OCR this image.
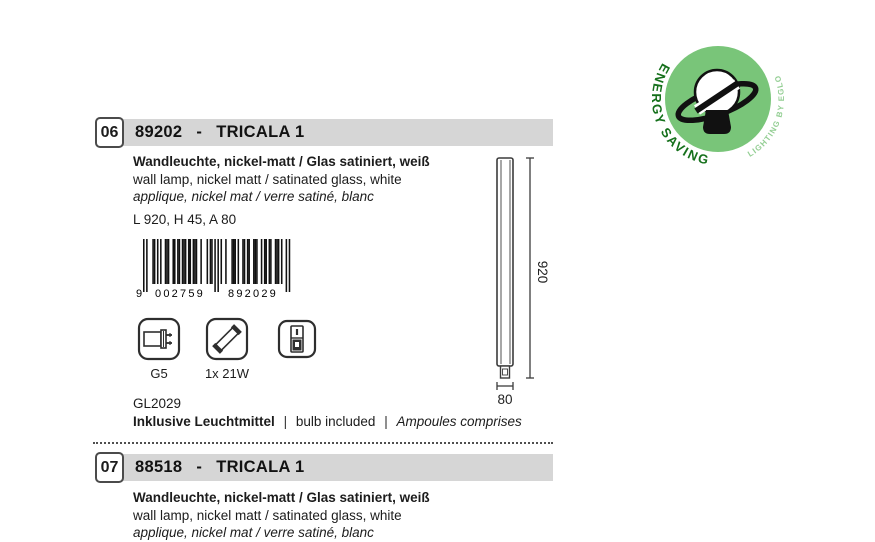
ENERGY SAVING	LIGHTING BY EGLO
06 89202 - TRICALA 1
Wandleuchte, nickel-matt / Glas satiniert, weiß
wall lamp, nickel matt / satinated glass, white
applique, nickel mat / verre satiné, blanc
L 920, H 45, A 80
9 002759 892029
G5	1x 21W
GL2029
Inklusive Leuchtmittel | bulb included | Ampoules comprises
920
80
07 88518 - TRICALA 1
Wandleuchte, nickel-matt / Glas satiniert, weiß
wall lamp, nickel matt / satinated glass, white
applique, nickel mat / verre satiné, blanc
